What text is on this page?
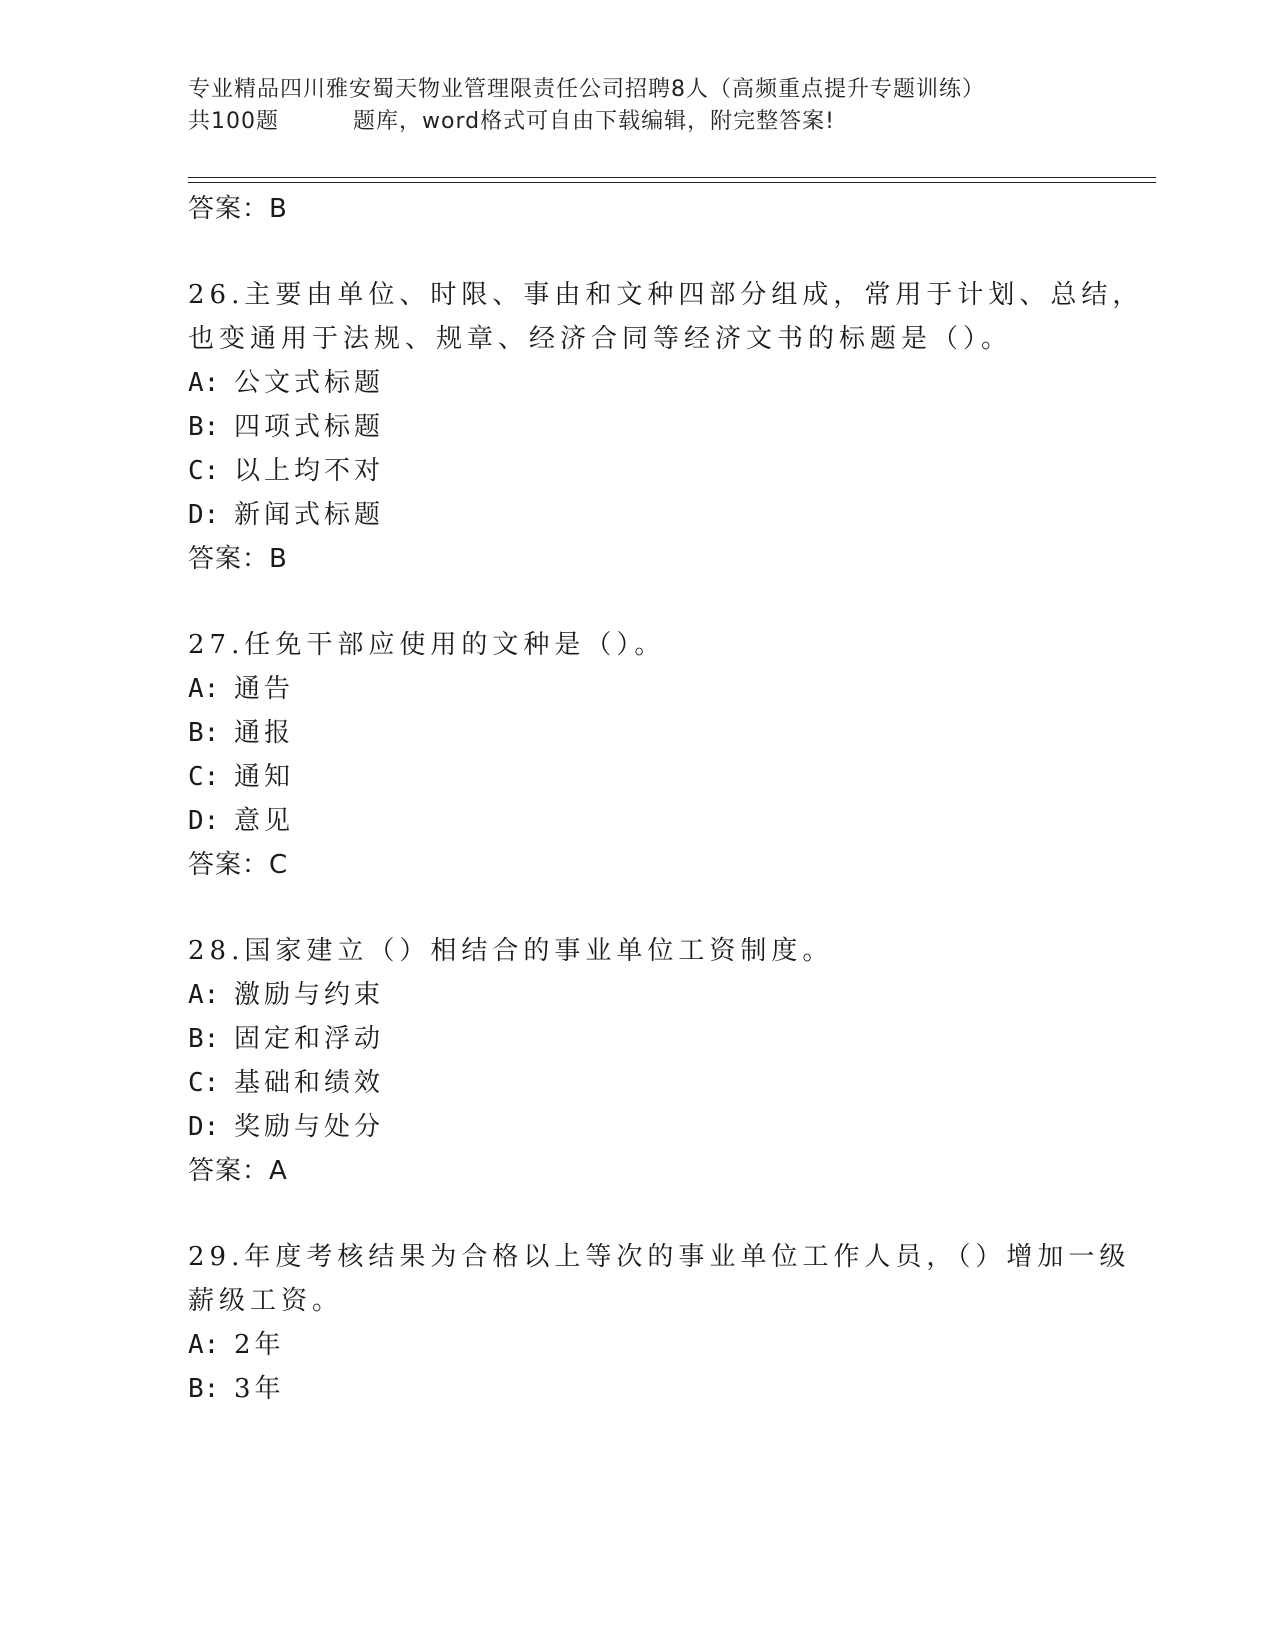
专业精品四川雅安蜀天物业管理限责任公司招聘8人（高频重点提升专题训练）
共100题	题库，word格式可自由下载编辑，附完整答案!
答案：B
26.主要由单位、时限、事由和文种四部分组成，常用于计划、总结，
也变通用于法规、规章、经济合同等经济文书的标题是（）。
A: 公文式标题
B: 四项式标题
C: 以上均不对
D: 新闻式标题
答案：B
27.任免干部应使用的文种是（）。
A: 通告
B: 通报
C: 通知
D: 意见
答案：C
28.国家建立（）相结合的事业单位工资制度。
A: 激励与约束
B: 固定和浮动
C: 基础和绩效
D: 奖励与处分
答案：A
29.年度考核结果为合格以上等次的事业单位工作人员，（）增加一级
薪级工资。
A: 2年
B: 3年
